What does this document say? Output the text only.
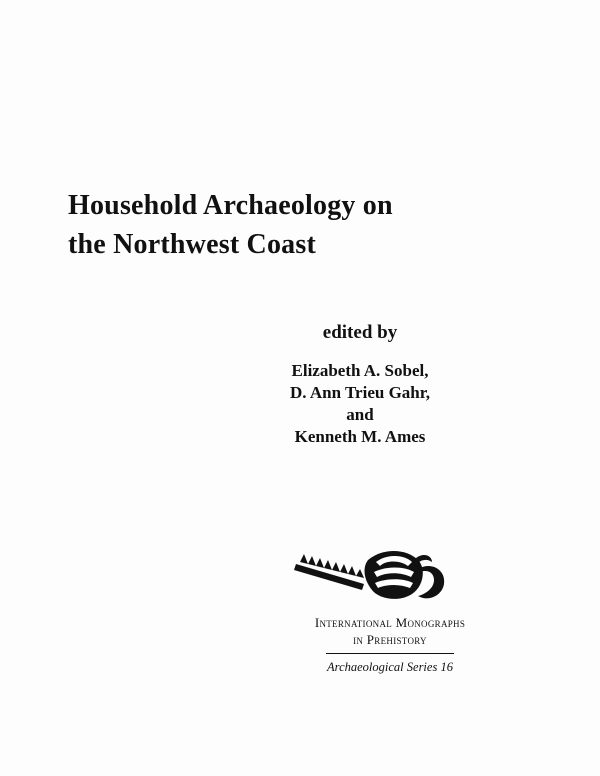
Household Archaeology on
the Northwest Coast
edited by
Elizabeth A. Sobel,
D. Ann Trieu Gahr,
and
Kenneth M. Ames
International Monographs
in Prehistory
Archaeological Series 16
